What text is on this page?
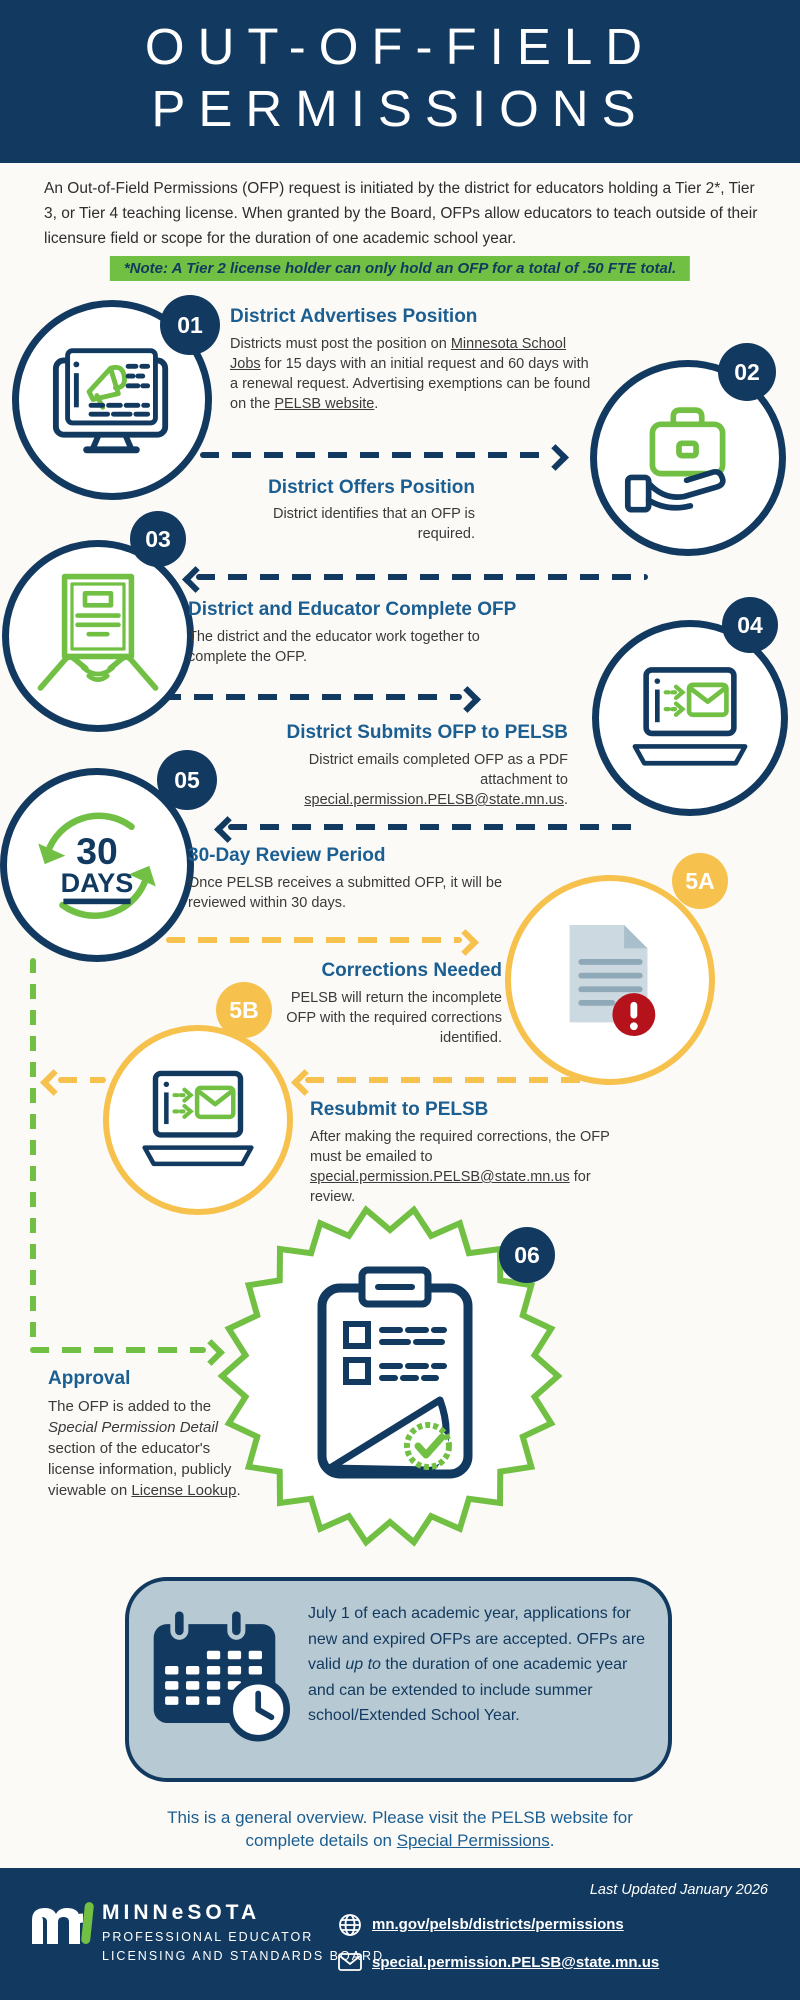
OUT-OF-FIELD
PERMISSIONS
An Out-of-Field Permissions (OFP) request is initiated by the district for educators holding a Tier 2*, Tier 3, or Tier 4 teaching license. When granted by the Board, OFPs allow educators to teach outside of their licensure field or scope for the duration of one academic school year.
*Note: A Tier 2 license holder can only hold an OFP for a total of .50 FTE total.
01	District Advertises Position
Districts must post the position on Minnesota School Jobs for 15 days with an initial request and 60 days with a renewal request. Advertising exemptions can be found on the PELSB website.
02
District Offers Position
District identifies that an OFP is required.
03
District and Educator Complete OFP
The district and the educator work together to complete the OFP.
04
District Submits OFP to PELSB
District emails completed OFP as a PDF attachment to special.permission.PELSB@state.mn.us.
30
DAYS
05
30-Day Review Period
Once PELSB receives a submitted OFP, it will be reviewed within 30 days.
5A
Corrections Needed
PELSB will return the incomplete OFP with the required corrections identified.
5B
Resubmit to PELSB
After making the required corrections, the OFP must be emailed to special.permission.PELSB@state.mn.us for review.
06
Approval
The OFP is added to the Special Permission Detail section of the educator's license information, publicly viewable on License Lookup.
July 1 of each academic year, applications for new and expired OFPs are accepted. OFPs are valid up to the duration of one academic year and can be extended to include summer school/Extended School Year.
This is a general overview. Please visit the PELSB website for complete details on Special Permissions.
MINNeSOTA
PROFESSIONAL EDUCATOR
LICENSING AND STANDARDS BOARD
Last Updated January 2026
mn.gov/pelsb/districts/permissions
special.permission.PELSB@state.mn.us
